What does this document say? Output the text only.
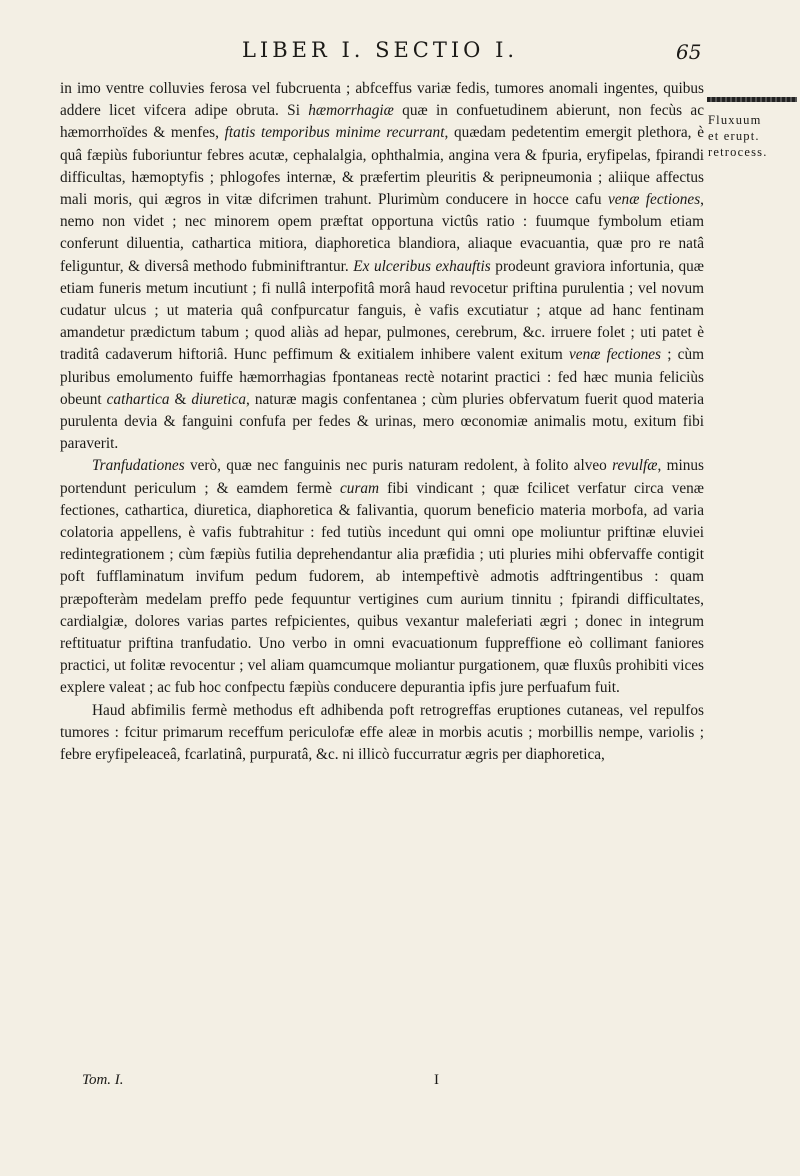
LIBER I. SECTIO I.	65
Fluxuum
et erupt.
retrocess.

in imo ventre colluvies ferosa vel fubcruenta ; abfceffus variæ fedis, tumores anomali ingentes, quibus addere licet vifcera adipe obruta. Si hæmorrhagiæ quæ in confuetudinem abierunt, non fecùs ac hæmorrhoïdes & menfes, ftatis temporibus minime recurrant, quædam pedetentim emergit plethora, è quâ fæpiùs fuboriuntur febres acutæ, cephalalgia, ophthalmia, angina vera & fpuria, eryfipelas, fpirandi difficultas, hæmoptyfis ; phlogofes internæ, & præfertim pleuritis & peripneumonia ; aliique affectus mali moris, qui ægros in vitæ difcrimen trahunt. Plurimùm conducere in hocce cafu venæ fectiones, nemo non videt ; nec minorem opem præftat opportuna victûs ratio : fuumque fymbolum etiam conferunt diluentia, cathartica mitiora, diaphoretica blandiora, aliaque evacuantia, quæ pro re natâ feliguntur, & diversâ methodo fubminiftrantur. Ex ulceribus exhauftis prodeunt graviora infortunia, quæ etiam funeris metum incutiunt ; fi nullâ interpofitâ morâ haud revocetur priftina purulentia ; vel novum cudatur ulcus ; ut materia quâ confpurcatur fanguis, è vafis excutiatur ; atque ad hanc fentinam amandetur prædictum tabum ; quod aliàs ad hepar, pulmones, cerebrum, &c. irruere folet ; uti patet è traditâ cadaverum hiftoriâ. Hunc peffimum & exitialem inhibere valent exitum venæ fectiones ; cùm pluribus emolumento fuiffe hæmorrhagias fpontaneas rectè notarint practici : fed hæc munia feliciùs obeunt cathartica & diuretica, naturæ magis confentanea ; cùm pluries obfervatum fuerit quod materia purulenta devia & fanguini confufa per fedes & urinas, mero œconomiæ animalis motu, exitum fibi paraverit.

Tranfudationes verò, quæ nec fanguinis nec puris naturam redolent, à folito alveo revulfæ, minus portendunt periculum ; & eamdem fermè curam fibi vindicant ; quæ fcilicet verfatur circa venæ fectiones, cathartica, diuretica, diaphoretica & falivantia, quorum beneficio materia morbofa, ad varia colatoria appellens, è vafis fubtrahitur : fed tutiùs incedunt qui omni ope moliuntur priftinæ eluviei redintegrationem ; cùm fæpiùs futilia deprehendantur alia præfidia ; uti pluries mihi obfervaffe contigit poft fufflaminatum invifum pedum fudorem, ab intempeftivè admotis adftringentibus : quam præpofteràm medelam preffo pede fequuntur vertigines cum aurium tinnitu ; fpirandi difficultates, cardialgiæ, dolores varias partes refpicientes, quibus vexantur maleferiati ægri ; donec in integrum reftituatur priftina tranfudatio. Uno verbo in omni evacuationum fuppreffione eò collimant faniores practici, ut folitæ revocentur ; vel aliam quamcumque moliantur purgationem, quæ fluxûs prohibiti vices explere valeat ; ac fub hoc confpectu fæpiùs conducere depurantia ipfis jure perfuafum fuit.

Haud abfimilis fermè methodus eft adhibenda poft retrogreffas eruptiones cutaneas, vel repulfos tumores : fcitur primarum receffum periculofæ effe aleæ in morbis acutis ; morbillis nempe, variolis ; febre eryfipeleaceâ, fcarlatinâ, purpuratâ, &c. ni illicò fuccurratur ægris per diaphoretica,

Tom. I.	I
